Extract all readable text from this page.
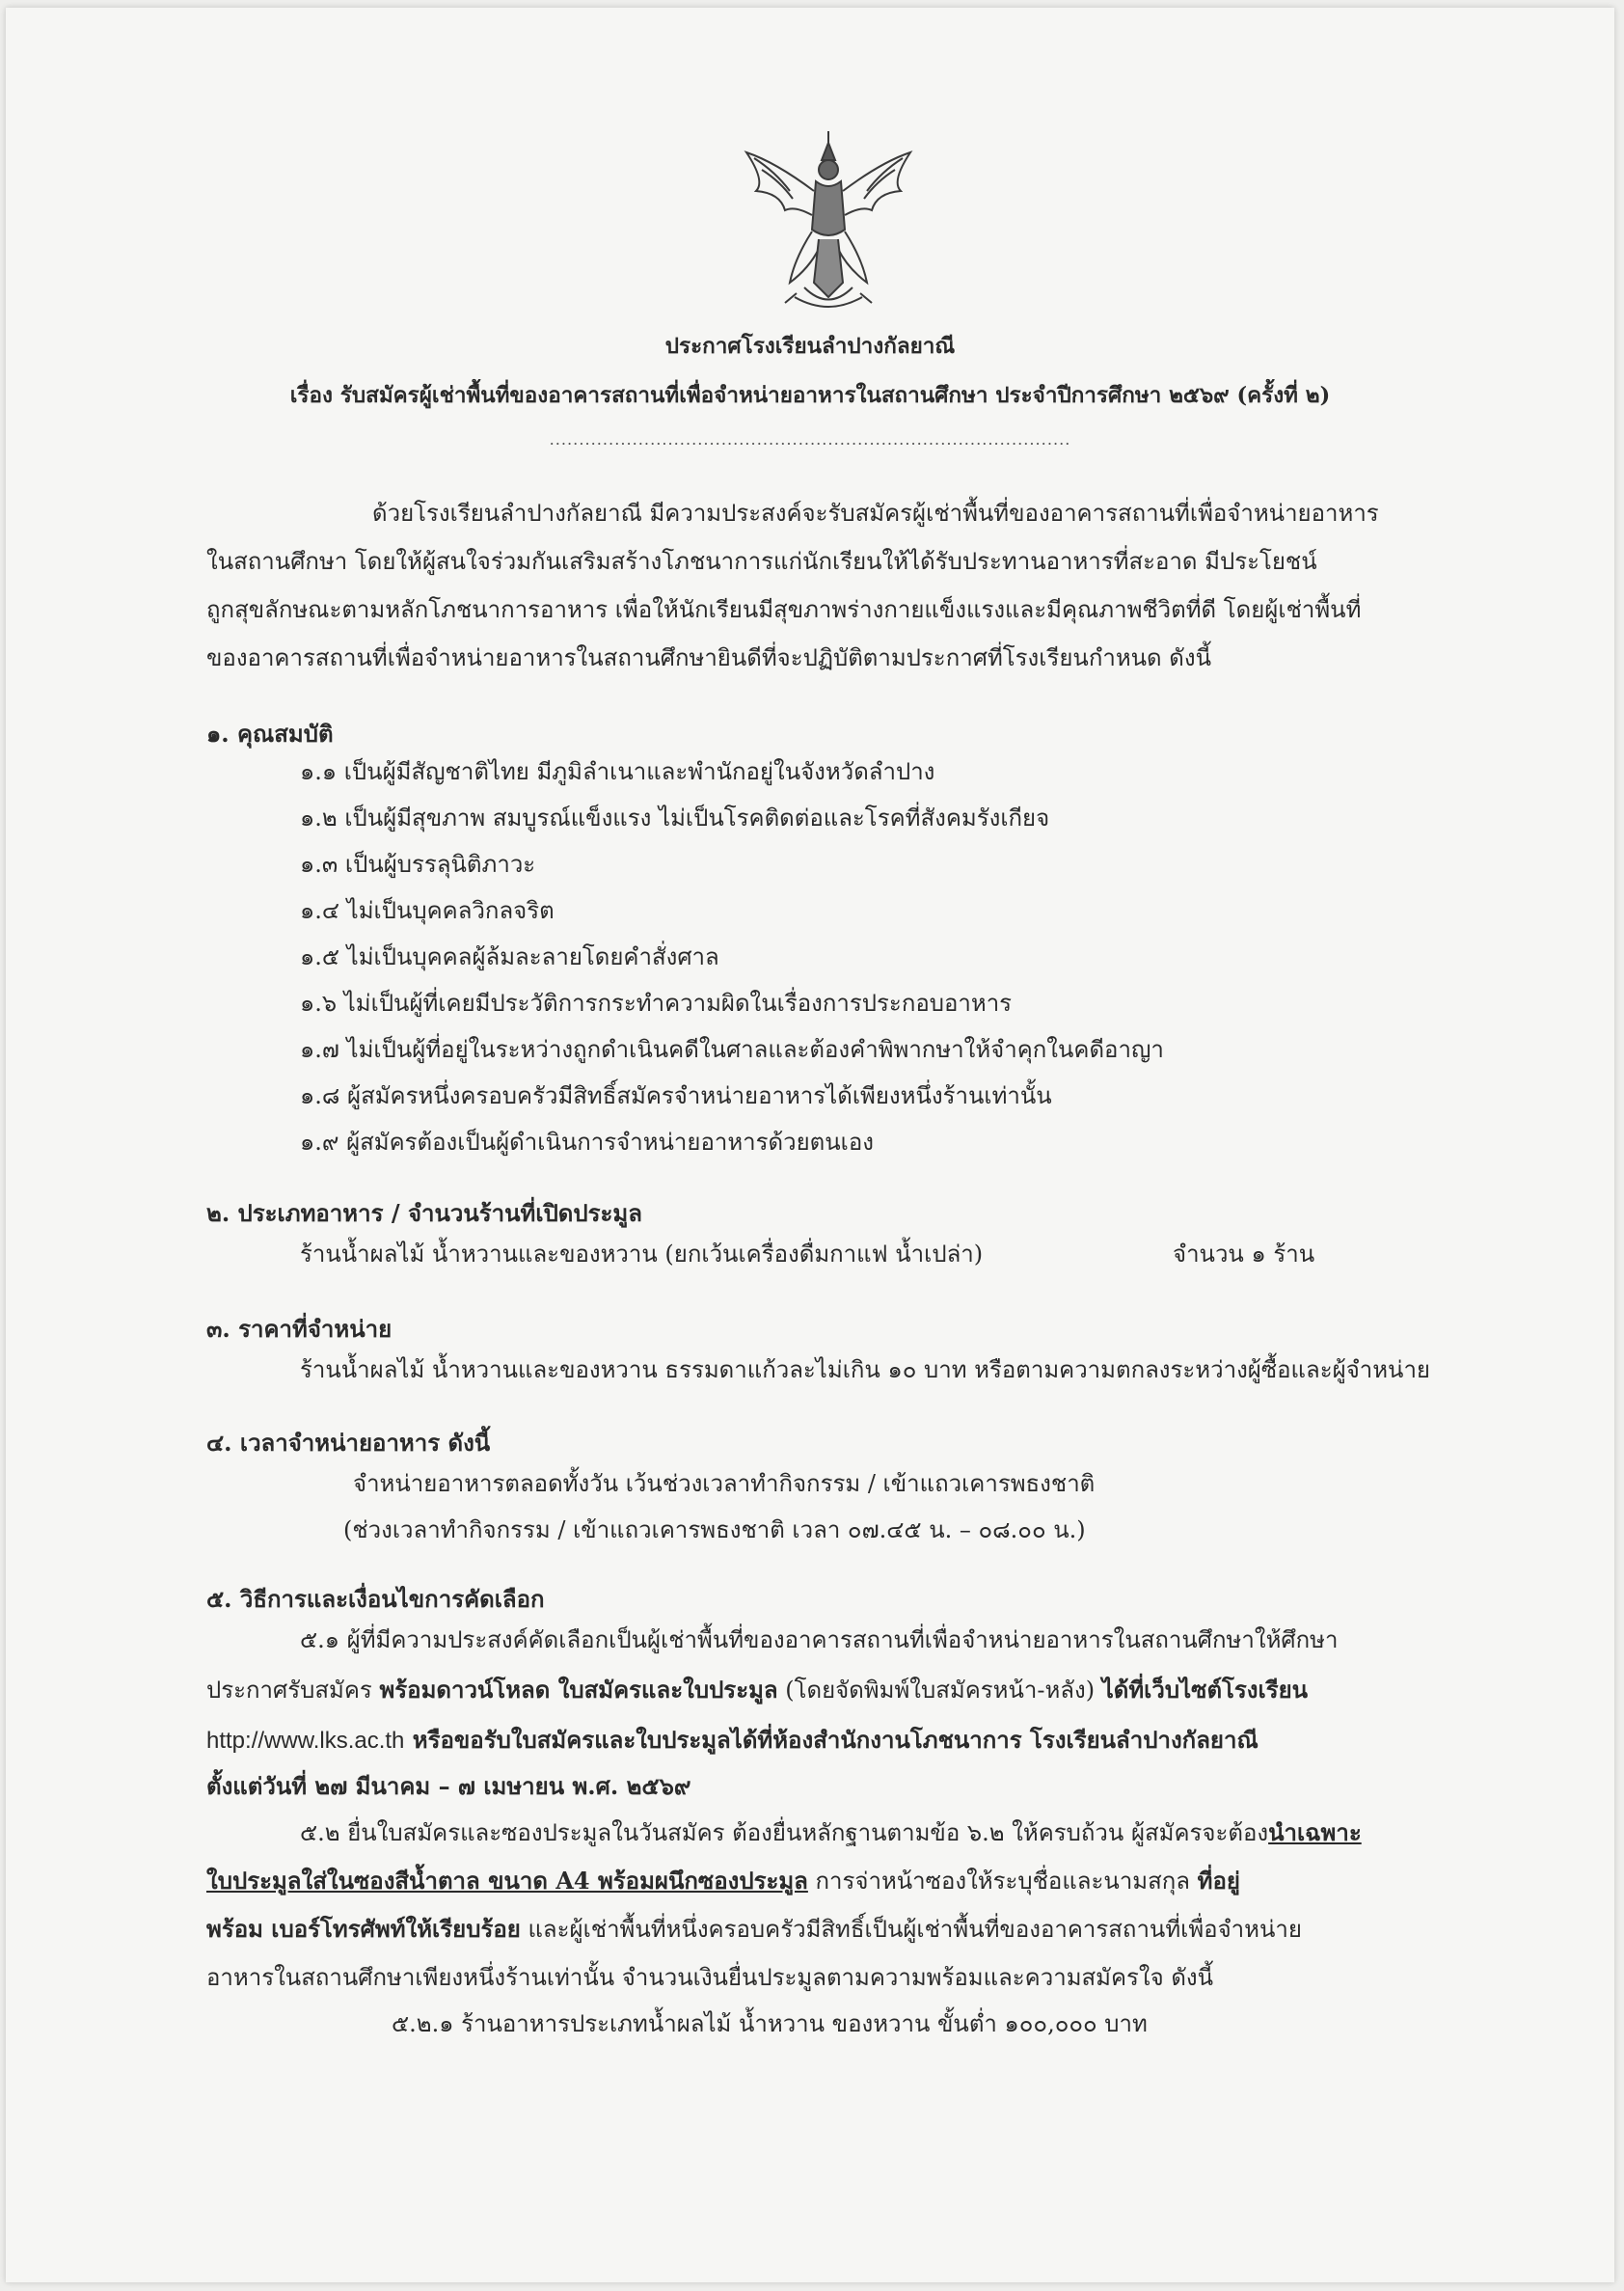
ประกาศโรงเรียนลำปางกัลยาณี
เรื่อง รับสมัครผู้เช่าพื้นที่ของอาคารสถานที่เพื่อจำหน่ายอาหารในสถานศึกษา ประจำปีการศึกษา ๒๕๖๙ (ครั้งที่ ๒)
........................................................................................
ด้วยโรงเรียนลำปางกัลยาณี มีความประสงค์จะรับสมัครผู้เช่าพื้นที่ของอาคารสถานที่เพื่อจำหน่ายอาหาร
ในสถานศึกษา โดยให้ผู้สนใจร่วมกันเสริมสร้างโภชนาการแก่นักเรียนให้ได้รับประทานอาหารที่สะอาด มีประโยชน์
ถูกสุขลักษณะตามหลักโภชนาการอาหาร เพื่อให้นักเรียนมีสุขภาพร่างกายแข็งแรงและมีคุณภาพชีวิตที่ดี โดยผู้เช่าพื้นที่
ของอาคารสถานที่เพื่อจำหน่ายอาหารในสถานศึกษายินดีที่จะปฏิบัติตามประกาศที่โรงเรียนกำหนด ดังนี้
๑. คุณสมบัติ
๑.๑ เป็นผู้มีสัญชาติไทย มีภูมิลำเนาและพำนักอยู่ในจังหวัดลำปาง
๑.๒ เป็นผู้มีสุขภาพ สมบูรณ์แข็งแรง ไม่เป็นโรคติดต่อและโรคที่สังคมรังเกียจ
๑.๓ เป็นผู้บรรลุนิติภาวะ
๑.๔ ไม่เป็นบุคคลวิกลจริต
๑.๕ ไม่เป็นบุคคลผู้ล้มละลายโดยคำสั่งศาล
๑.๖ ไม่เป็นผู้ที่เคยมีประวัติการกระทำความผิดในเรื่องการประกอบอาหาร
๑.๗ ไม่เป็นผู้ที่อยู่ในระหว่างถูกดำเนินคดีในศาลและต้องคำพิพากษาให้จำคุกในคดีอาญา
๑.๘ ผู้สมัครหนึ่งครอบครัวมีสิทธิ์สมัครจำหน่ายอาหารได้เพียงหนึ่งร้านเท่านั้น
๑.๙ ผู้สมัครต้องเป็นผู้ดำเนินการจำหน่ายอาหารด้วยตนเอง
๒. ประเภทอาหาร / จำนวนร้านที่เปิดประมูล
ร้านน้ำผลไม้ น้ำหวานและของหวาน (ยกเว้นเครื่องดื่มกาแฟ น้ำเปล่า)	จำนวน ๑ ร้าน
๓. ราคาที่จำหน่าย
ร้านน้ำผลไม้ น้ำหวานและของหวาน ธรรมดาแก้วละไม่เกิน ๑๐ บาท หรือตามความตกลงระหว่างผู้ซื้อและผู้จำหน่าย
๔. เวลาจำหน่ายอาหาร ดังนี้
จำหน่ายอาหารตลอดทั้งวัน เว้นช่วงเวลาทำกิจกรรม / เข้าแถวเคารพธงชาติ
(ช่วงเวลาทำกิจกรรม / เข้าแถวเคารพธงชาติ เวลา ๐๗.๔๕ น. – ๐๘.๐๐ น.)
๕. วิธีการและเงื่อนไขการคัดเลือก
๕.๑ ผู้ที่มีความประสงค์คัดเลือกเป็นผู้เช่าพื้นที่ของอาคารสถานที่เพื่อจำหน่ายอาหารในสถานศึกษาให้ศึกษา
ประกาศรับสมัคร พร้อมดาวน์โหลด ใบสมัครและใบประมูล (โดยจัดพิมพ์ใบสมัครหน้า-หลัง) ได้ที่เว็บไซต์โรงเรียน
http://www.lks.ac.th หรือขอรับใบสมัครและใบประมูลได้ที่ห้องสำนักงานโภชนาการ โรงเรียนลำปางกัลยาณี
ตั้งแต่วันที่ ๒๗ มีนาคม – ๗ เมษายน พ.ศ. ๒๕๖๙
๕.๒ ยื่นใบสมัครและซองประมูลในวันสมัคร ต้องยื่นหลักฐานตามข้อ ๖.๒ ให้ครบถ้วน ผู้สมัครจะต้องนำเฉพาะ
ใบประมูลใส่ในซองสีน้ำตาล ขนาด A4 พร้อมผนึกซองประมูล การจ่าหน้าซองให้ระบุชื่อและนามสกุล ที่อยู่
พร้อม เบอร์โทรศัพท์ให้เรียบร้อย และผู้เช่าพื้นที่หนึ่งครอบครัวมีสิทธิ์เป็นผู้เช่าพื้นที่ของอาคารสถานที่เพื่อจำหน่าย
อาหารในสถานศึกษาเพียงหนึ่งร้านเท่านั้น จำนวนเงินยื่นประมูลตามความพร้อมและความสมัครใจ ดังนี้
๕.๒.๑ ร้านอาหารประเภทน้ำผลไม้ น้ำหวาน ของหวาน ขั้นต่ำ ๑๐๐,๐๐๐ บาท
